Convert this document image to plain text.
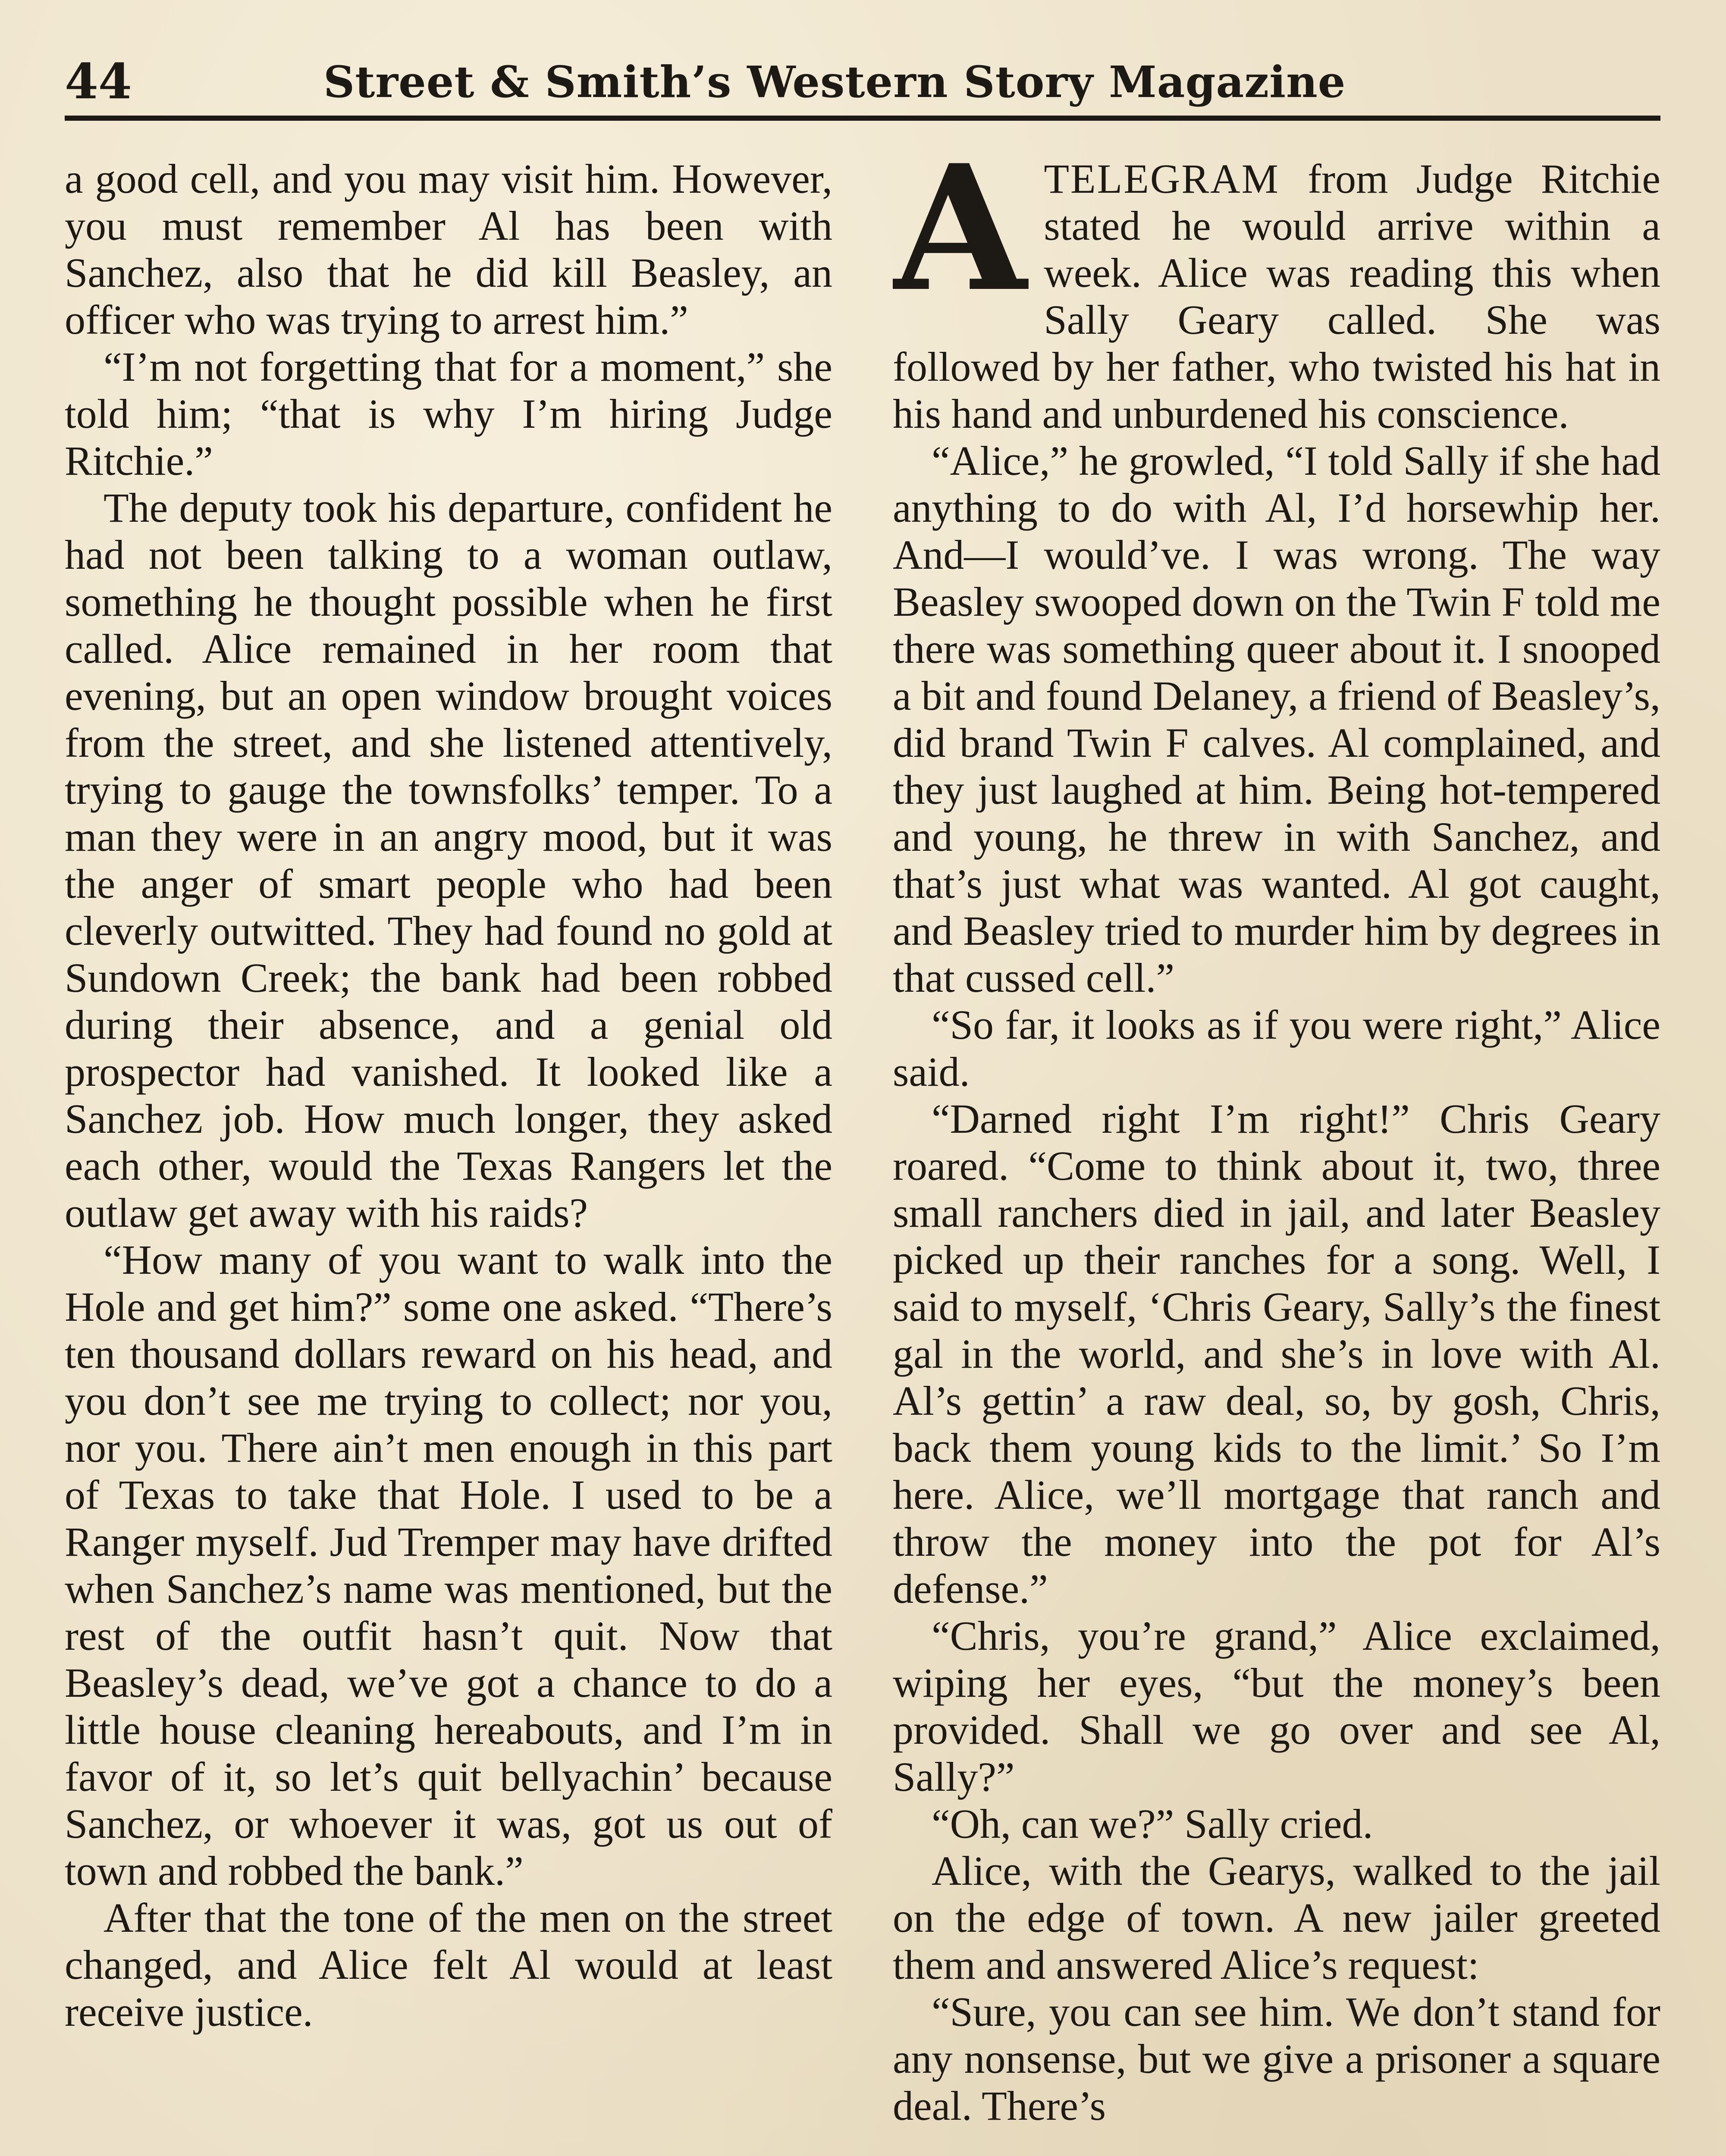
44	Street & Smith’s Western Story Magazine

a good cell, and you may visit him. However, you must remember Al has been with Sanchez, also that he did kill Beasley, an officer who was trying to arrest him.”

“I’m not forgetting that for a moment,” she told him; “that is why I’m hiring Judge Ritchie.”

The deputy took his departure, confident he had not been talking to a woman outlaw, something he thought possible when he first called. Alice remained in her room that evening, but an open window brought voices from the street, and she listened attentively, trying to gauge the townsfolks’ temper. To a man they were in an angry mood, but it was the anger of smart people who had been cleverly outwitted. They had found no gold at Sundown Creek; the bank had been robbed during their absence, and a genial old prospector had vanished. It looked like a Sanchez job. How much longer, they asked each other, would the Texas Rangers let the outlaw get away with his raids?

“How many of you want to walk into the Hole and get him?” some one asked. “There’s ten thousand dollars reward on his head, and you don’t see me trying to collect; nor you, nor you. There ain’t men enough in this part of Texas to take that Hole. I used to be a Ranger myself. Jud Tremper may have drifted when Sanchez’s name was mentioned, but the rest of the outfit hasn’t quit. Now that Beasley’s dead, we’ve got a chance to do a little house cleaning hereabouts, and I’m in favor of it, so let’s quit bellyachin’ because Sanchez, or whoever it was, got us out of town and robbed the bank.”

After that the tone of the men on the street changed, and Alice felt Al would at least receive justice.

ATELEGRAM from Judge Ritchie stated he would arrive within a week. Alice was reading this when Sally Geary called. She was followed by her father, who twisted his hat in his hand and unburdened his conscience.

“Alice,” he growled, “I told Sally if she had anything to do with Al, I’d horsewhip her. And—I would’ve. I was wrong. The way Beasley swooped down on the Twin F told me there was something queer about it. I snooped a bit and found Delaney, a friend of Beasley’s, did brand Twin F calves. Al complained, and they just laughed at him. Being hot-tempered and young, he threw in with Sanchez, and that’s just what was wanted. Al got caught, and Beasley tried to murder him by degrees in that cussed cell.”

“So far, it looks as if you were right,” Alice said.

“Darned right I’m right!” Chris Geary roared. “Come to think about it, two, three small ranchers died in jail, and later Beasley picked up their ranches for a song. Well, I said to myself, ‘Chris Geary, Sally’s the finest gal in the world, and she’s in love with Al. Al’s gettin’ a raw deal, so, by gosh, Chris, back them young kids to the limit.’ So I’m here. Alice, we’ll mortgage that ranch and throw the money into the pot for Al’s defense.”

“Chris, you’re grand,” Alice exclaimed, wiping her eyes, “but the money’s been provided. Shall we go over and see Al, Sally?”

“Oh, can we?” Sally cried.

Alice, with the Gearys, walked to the jail on the edge of town. A new jailer greeted them and answered Alice’s request:

“Sure, you can see him. We don’t stand for any nonsense, but we give a prisoner a square deal. There’s
